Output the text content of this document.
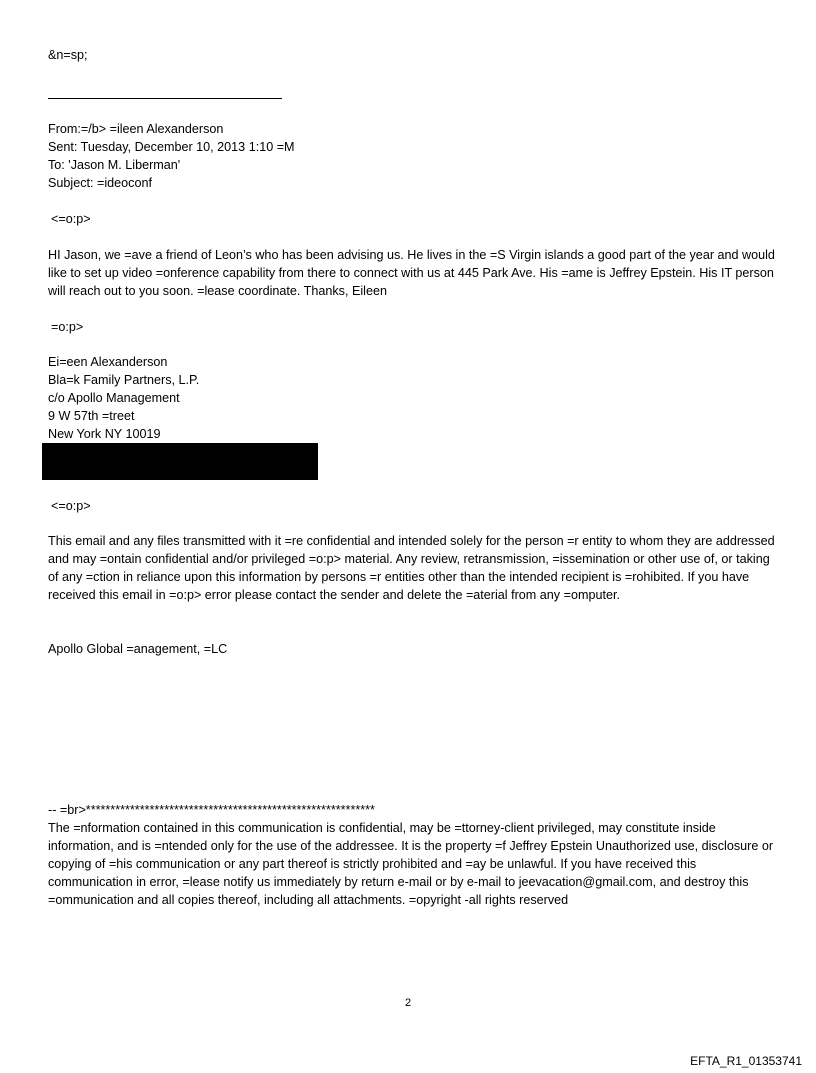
&n=sp;
From:=/b> =ileen Alexanderson
Sent: Tuesday, December 10, 2013 1:10 =M
To: 'Jason M. Liberman'
Subject: =ideoconf
<=o:p>
HI Jason, we =ave a friend of Leon’s who has been advising us. He lives in the =S Virgin islands a good part of the year and would like to set up video =onference capability from there to connect with us at 445 Park Ave. His =ame is Jeffrey Epstein. His IT person will reach out to you soon. =lease coordinate. Thanks, Eileen
=o:p>
Ei=een Alexanderson
Bla=k Family Partners, L.P.
c/o Apollo Management
9 W 57th =treet
New York NY 10019
<=o:p>
This email and any files transmitted with it =re confidential and intended solely for the person =r entity to whom they are addressed and may =ontain confidential and/or privileged =o:p> material. Any review, retransmission, =issemination or other use of, or taking of any =ction in reliance upon this information by persons =r entities other than the intended recipient is =rohibited. If you have received this email in =o:p> error please contact the sender and delete the =aterial from any =omputer.
Apollo Global =anagement, =LC
-- =br>***********************************************************
The =nformation contained in this communication is confidential, may be =ttorney-client privileged, may constitute inside information, and is =ntended only for the use of the addressee. It is the property =f Jeffrey Epstein Unauthorized use, disclosure or copying of =his communication or any part thereof is strictly prohibited and =ay be unlawful. If you have received this communication in error, =lease notify us immediately by return e-mail or by e-mail to jeevacation@gmail.com, and destroy this =ommunication and all copies thereof, including all attachments. =opyright -all rights reserved
2
EFTA_R1_01353741
